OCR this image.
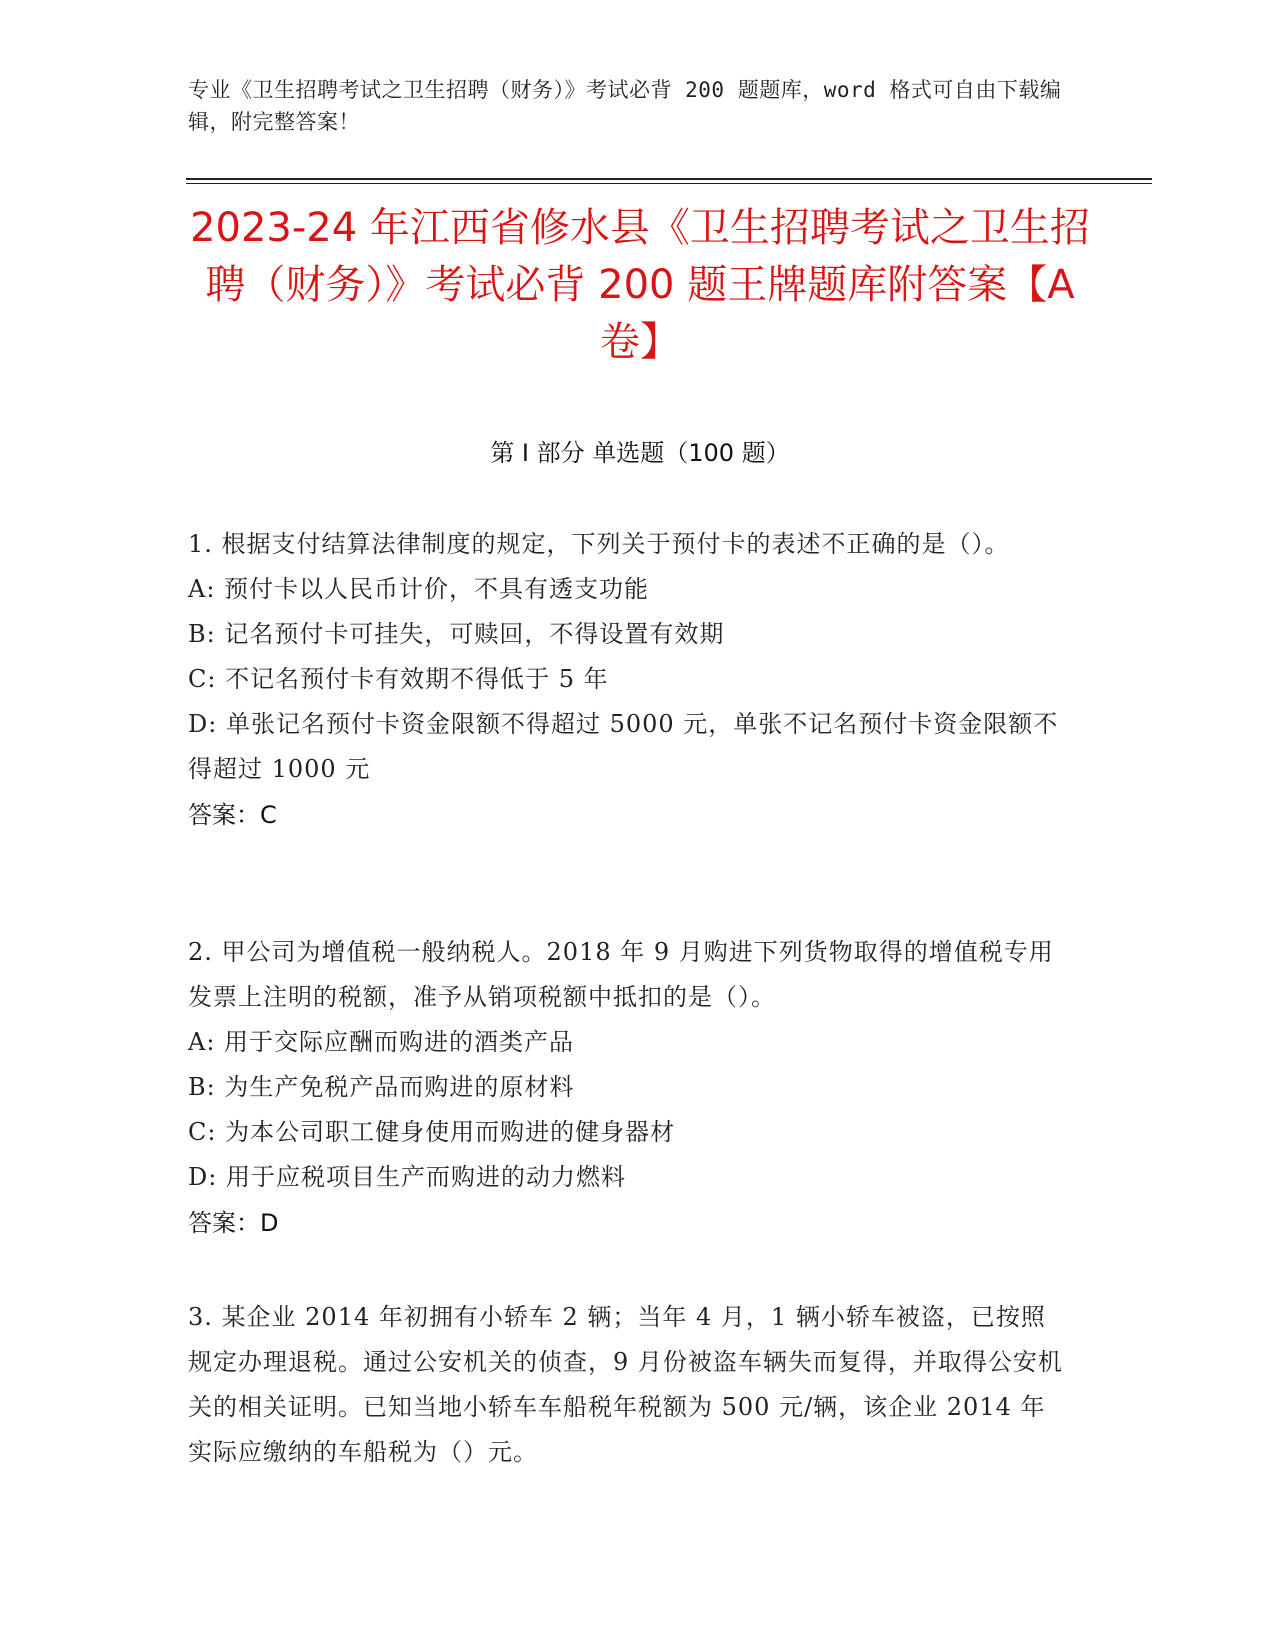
专业《卫生招聘考试之卫生招聘（财务）》考试必背 200 题题库，word 格式可自由下载编辑，附完整答案！
2023-24 年江西省修水县《卫生招聘考试之卫生招聘（财务）》考试必背 200 题王牌题库附答案【A 卷】
第 I 部分 单选题（100 题）
1. 根据支付结算法律制度的规定，下列关于预付卡的表述不正确的是（）。
A: 预付卡以人民币计价，不具有透支功能
B: 记名预付卡可挂失，可赎回，不得设置有效期
C: 不记名预付卡有效期不得低于 5 年
D: 单张记名预付卡资金限额不得超过 5000 元，单张不记名预付卡资金限额不得超过 1000 元
答案：C
2. 甲公司为增值税一般纳税人。2018 年 9 月购进下列货物取得的增值税专用发票上注明的税额，准予从销项税额中抵扣的是（）。
A: 用于交际应酬而购进的酒类产品
B: 为生产免税产品而购进的原材料
C: 为本公司职工健身使用而购进的健身器材
D: 用于应税项目生产而购进的动力燃料
答案：D
3. 某企业 2014 年初拥有小轿车 2 辆；当年 4 月，1 辆小轿车被盗，已按照规定办理退税。通过公安机关的侦查，9 月份被盗车辆失而复得，并取得公安机关的相关证明。已知当地小轿车车船税年税额为 500 元/辆，该企业 2014 年实际应缴纳的车船税为（）元。
